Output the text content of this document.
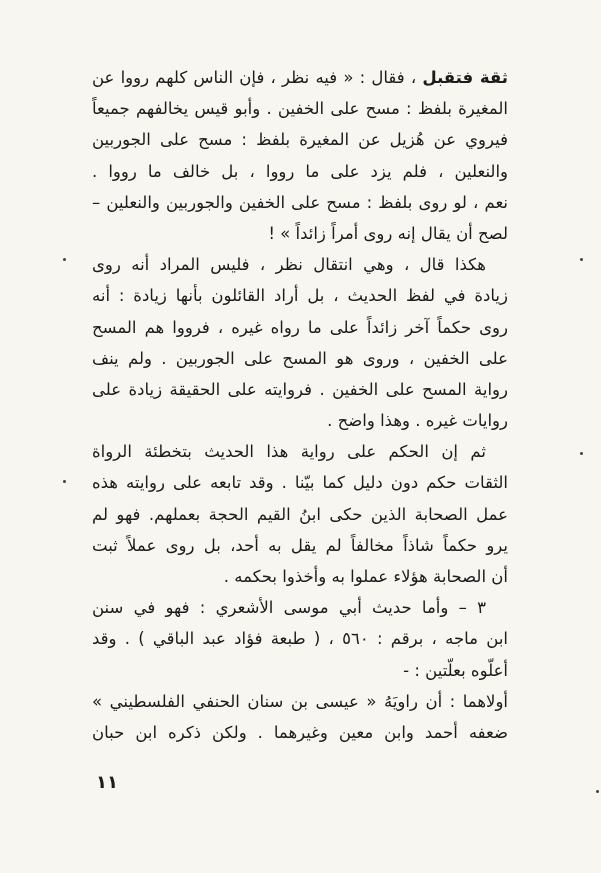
ثقة فتقبل ، فقال : « فيه نظر ، فإن الناس كلهم رووا عن
المغيرة بلفظ : مسح على الخفين . وأبو قيس يخالفهم جميعاً
فيروي عن هُزيل عن المغيرة بلفظ : مسح على الجوربين
والنعلين ، فلم يزد على ما رووا ، بل خالف ما رووا .
نعم ، لو روى بلفظ : مسح على الخفين والجوربين والنعلين –
لصح أن يقال إنه روى أمراً زائداً » !
هكذا قال ، وهي انتقال نظر ، فليس المراد أنه روى
زيادة في لفظ الحديث ، بل أراد القائلون بأنها زيادة : أنه
روى حكماً آخر زائداً على ما رواه غيره ، فرووا هم المسح
على الخفين ، وروى هو المسح على الجوربين . ولم ينف
رواية المسح على الخفين . فروايته على الحقيقة زيادة على
روايات غيره . وهذا واضح .
ثم إن الحكم على رواية هذا الحديث بتخطئة الرواة
الثقات حكم دون دليل كما بيّنا . وقد تابعه على روايته هذه
عمل الصحابة الذين حكى ابنُ القيم الحجة بعملهم. فهو لم
يرو حكماً شاذاً مخالفاً لم يقل به أحد، بل روى عملاً ثبت
أن الصحابة هؤلاء عملوا به وأخذوا بحكمه .
٣ – وأما حديث أبي موسى الأشعري : فهو في سنن
ابن ماجه ، برقم : ٥٦٠ ، ( طبعة فؤاد عبد الباقي ) . وقد
أعلّوه بعلّتين : -
أولاهما : أن راويَهُ « عيسى بن سنان الحنفي الفلسطيني »
ضعفه أحمد وابن معين وغيرهما . ولكن ذكره ابن حبان
١١
